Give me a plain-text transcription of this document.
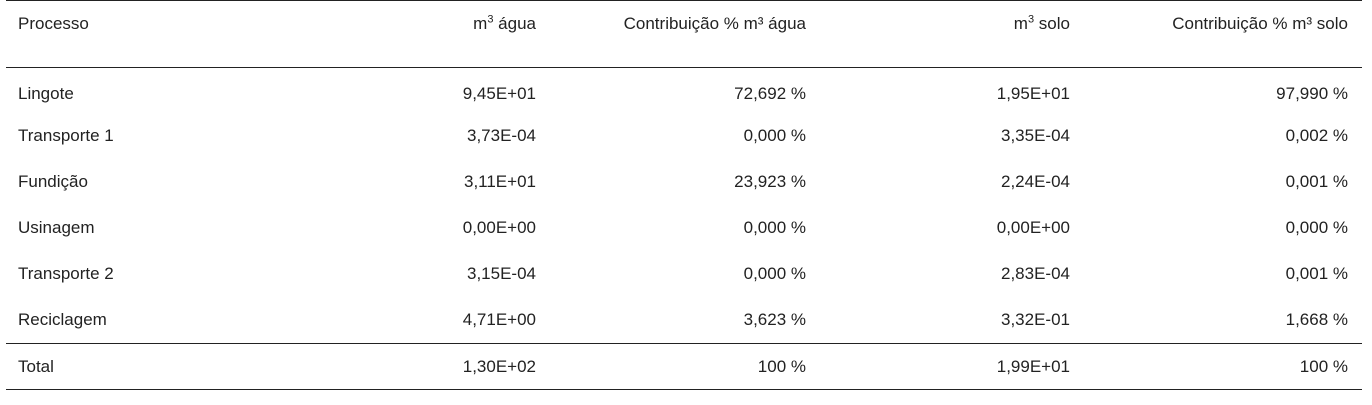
Processo	$m^3$ água	Contribuição % m³ água	$m^3$ solo	Contribuição % m³ solo

Lingote	9,45E+01	72,692 %	1,95E+01	97,990 %
Transporte 1	3,73E-04	0,000 %	3,35E-04	0,002 %
Fundição	3,11E+01	23,923 %	2,24E-04	0,001 %
Usinagem	0,00E+00	0,000 %	0,00E+00	0,000 %
Transporte 2	3,15E-04	0,000 %	2,83E-04	0,001 %
Reciclagem	4,71E+00	3,623 %	3,32E-01	1,668 %
Total	1,30E+02	100 %	1,99E+01	100 %
